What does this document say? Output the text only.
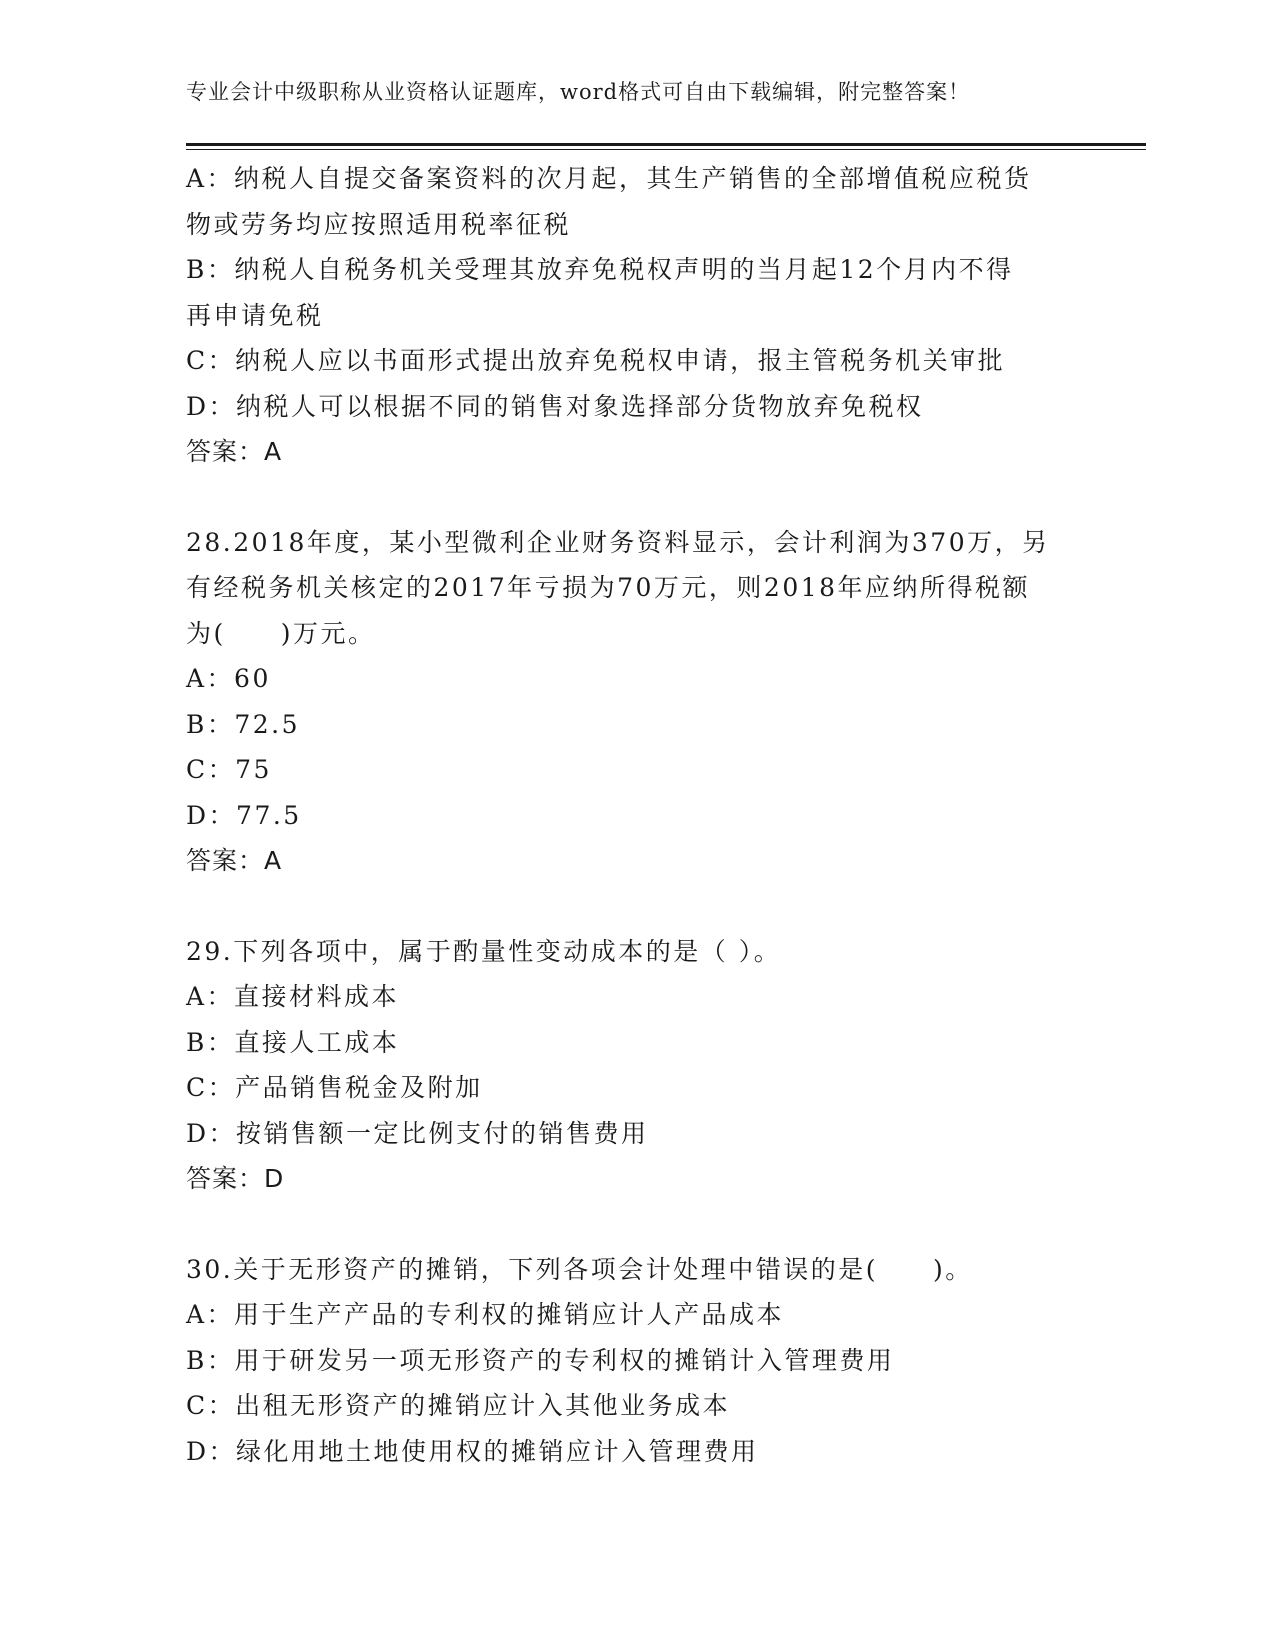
专业会计中级职称从业资格认证题库，word格式可自由下载编辑，附完整答案！
A：纳税人自提交备案资料的次月起，其生产销售的全部增值税应税货
物或劳务均应按照适用税率征税
B：纳税人自税务机关受理其放弃免税权声明的当月起12个月内不得
再申请免税
C：纳税人应以书面形式提出放弃免税权申请，报主管税务机关审批
D：纳税人可以根据不同的销售对象选择部分货物放弃免税权
答案：A
28.2018年度，某小型微利企业财务资料显示，会计利润为370万，另
有经税务机关核定的2017年亏损为70万元，则2018年应纳所得税额
为(　　)万元。
A：60
B：72.5
C：75
D：77.5
答案：A
29.下列各项中，属于酌量性变动成本的是（ ）。
A：直接材料成本
B：直接人工成本
C：产品销售税金及附加
D：按销售额一定比例支付的销售费用
答案：D
30.关于无形资产的摊销，下列各项会计处理中错误的是(　　)。
A：用于生产产品的专利权的摊销应计人产品成本
B：用于研发另一项无形资产的专利权的摊销计入管理费用
C：出租无形资产的摊销应计入其他业务成本
D：绿化用地土地使用权的摊销应计入管理费用
